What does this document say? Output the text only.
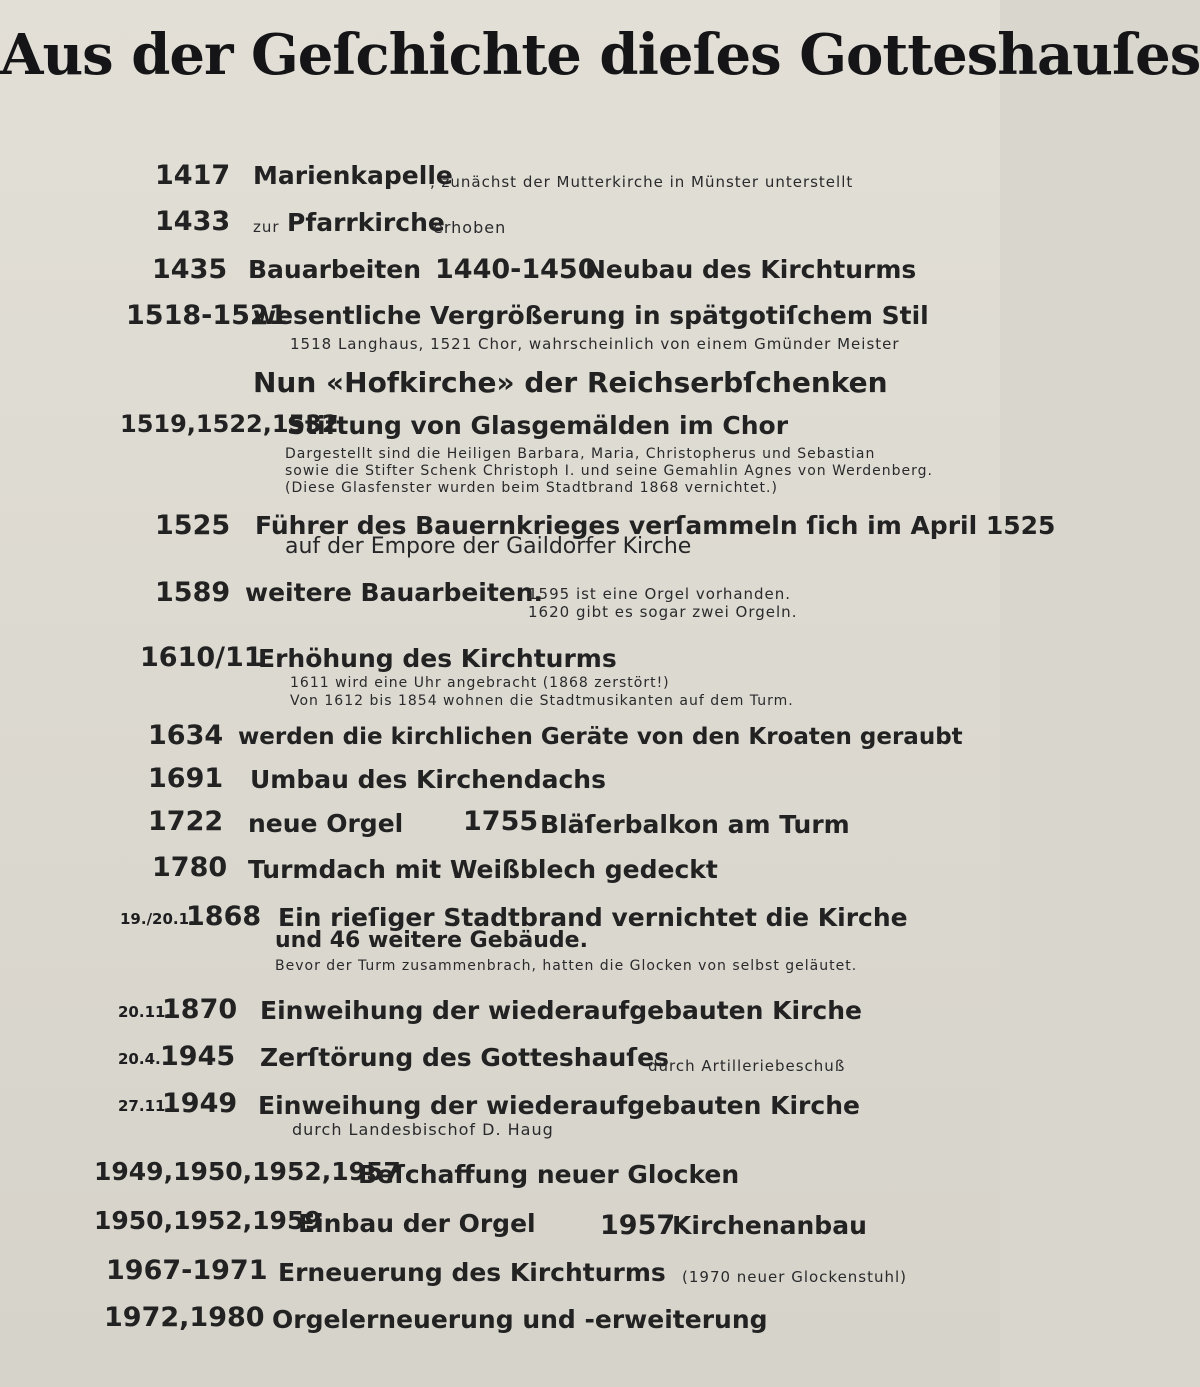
Aus der Geſchichte dieſes Gotteshauſes
1417 Marienkapelle
, zunächst der Mutterkirche in Münster unterstellt
1433 zur Pfarrkirche
erhoben
1435 Bauarbeiten 1440-1450
Neubau des Kirchturms
1518-1521
wesentliche Vergrößerung in spätgotiſchem Stil
1518 Langhaus, 1521 Chor, wahrscheinlich von einem Gmünder Meister
Nun «Hofkirche» der Reichserbſchenken
1519,1522,1532
Stiftung von Glasgemälden im Chor
Dargestellt sind die Heiligen Barbara, Maria, Christopherus und Sebastian
sowie die Stifter Schenk Christoph I. und seine Gemahlin Agnes von Werdenberg.
(Diese Glasfenster wurden beim Stadtbrand 1868 vernichtet.)
1525 Führer des Bauernkrieges verſammeln ſich im April 1525
auf der Empore der Gaildorfer Kirche
1589 weitere Bauarbeiten.
1595 ist eine Orgel vorhanden.
1620 gibt es sogar zwei Orgeln.
1610/11
Erhöhung des Kirchturms
1611 wird eine Uhr angebracht (1868 zerstört!)
Von 1612 bis 1854 wohnen die Stadtmusikanten auf dem Turm.
1634 werden die kirchlichen Geräte von den Kroaten geraubt
1691 Umbau des Kirchendachs
1722 neue Orgel 1755 Bläſerbalkon am Turm
1780 Turmdach mit Weißblech gedeckt
19./20.1.
1868 Ein rieſiger Stadtbrand vernichtet die Kirche
und 46 weitere Gebäude.
Bevor der Turm zusammenbrach, hatten die Glocken von selbst geläutet.
20.11.
1870 Einweihung der wiederaufgebauten Kirche
20.4. 1945 Zerſtörung des Gotteshauſes
durch Artilleriebeschuß
27.11.
1949 Einweihung der wiederaufgebauten Kirche
durch Landesbischof D. Haug
1949,1950,1952,1957
Beſchaffung neuer Glocken
1950,1952,1959
Einbau der Orgel 1957
Kirchenanbau
1967-1971 Erneuerung des Kirchturms (1970 neuer Glockenstuhl)
1972,1980 Orgelerneuerung und -erweiterung
